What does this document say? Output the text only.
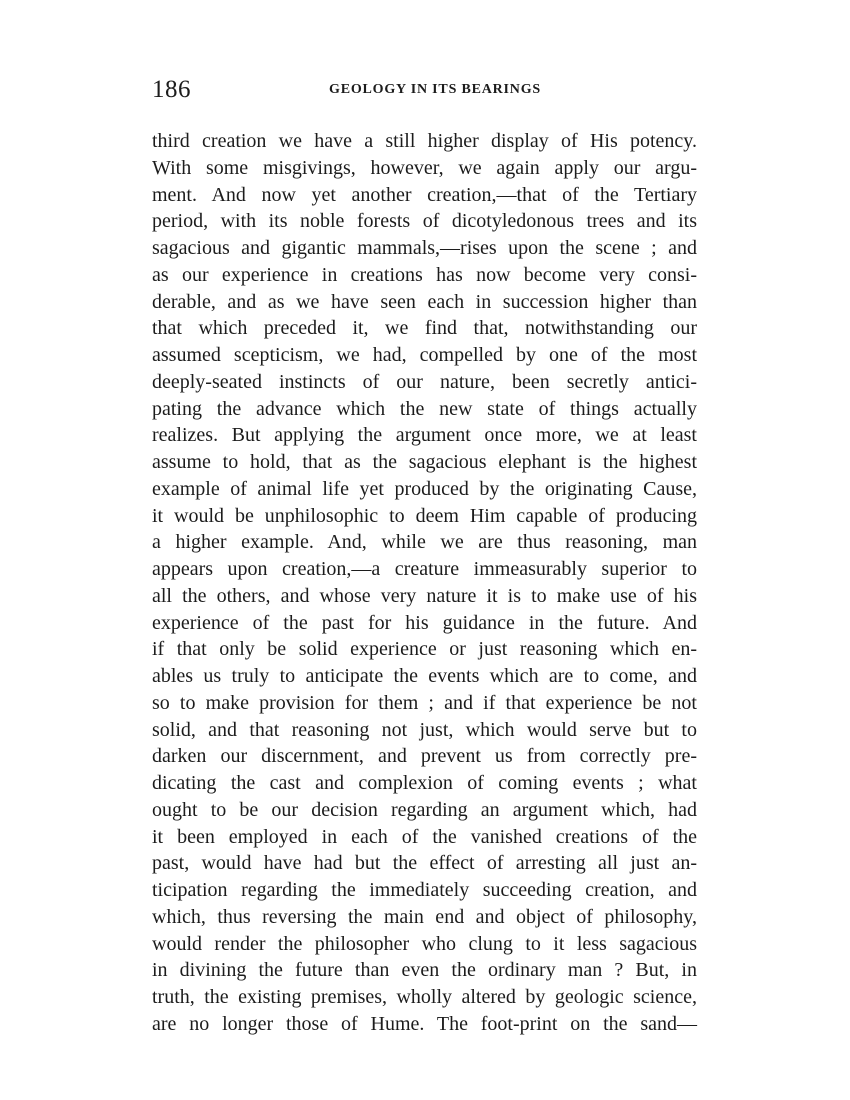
186	GEOLOGY IN ITS BEARINGS
third creation we have a still higher display of His potency.
With some misgivings, however, we again apply our argu-
ment. And now yet another creation,—that of the Tertiary
period, with its noble forests of dicotyledonous trees and its
sagacious and gigantic mammals,—rises upon the scene ; and
as our experience in creations has now become very consi-
derable, and as we have seen each in succession higher than
that which preceded it, we find that, notwithstanding our
assumed scepticism, we had, compelled by one of the most
deeply-seated instincts of our nature, been secretly antici-
pating the advance which the new state of things actually
realizes. But applying the argument once more, we at least
assume to hold, that as the sagacious elephant is the highest
example of animal life yet produced by the originating Cause,
it would be unphilosophic to deem Him capable of producing
a higher example. And, while we are thus reasoning, man
appears upon creation,—a creature immeasurably superior to
all the others, and whose very nature it is to make use of his
experience of the past for his guidance in the future. And
if that only be solid experience or just reasoning which en-
ables us truly to anticipate the events which are to come, and
so to make provision for them ; and if that experience be not
solid, and that reasoning not just, which would serve but to
darken our discernment, and prevent us from correctly pre-
dicating the cast and complexion of coming events ; what
ought to be our decision regarding an argument which, had
it been employed in each of the vanished creations of the
past, would have had but the effect of arresting all just an-
ticipation regarding the immediately succeeding creation, and
which, thus reversing the main end and object of philosophy,
would render the philosopher who clung to it less sagacious
in divining the future than even the ordinary man ? But, in
truth, the existing premises, wholly altered by geologic science,
are no longer those of Hume. The foot-print on the sand—
